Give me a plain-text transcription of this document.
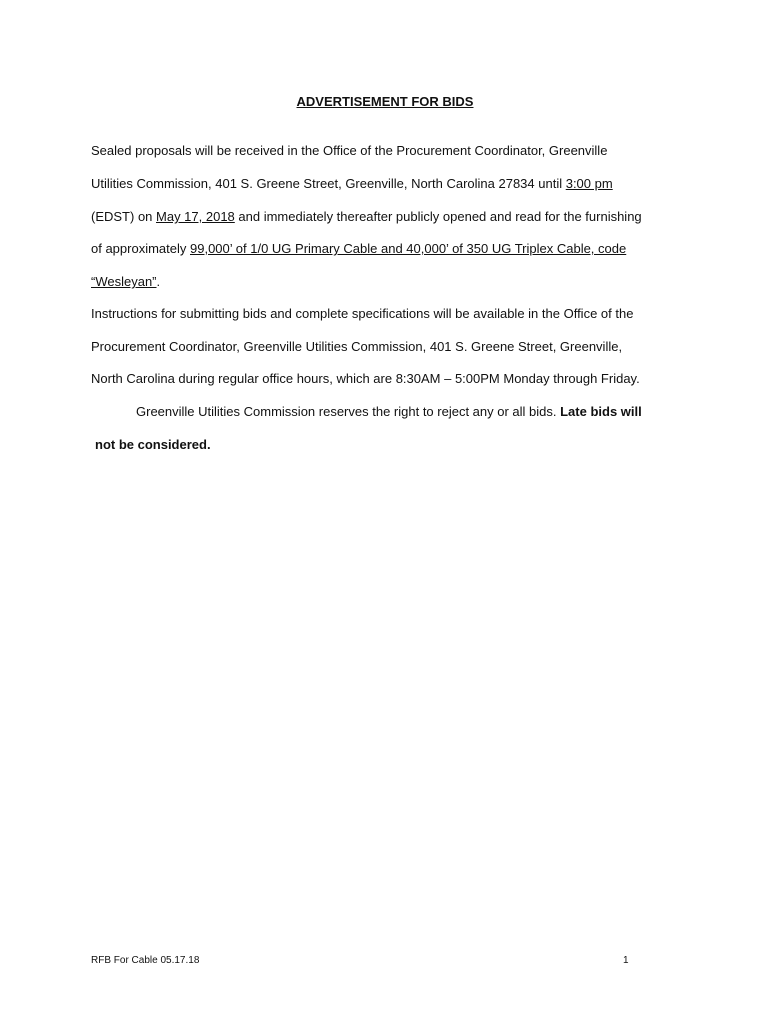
ADVERTISEMENT FOR BIDS
Sealed proposals will be received in the Office of the Procurement Coordinator, Greenville
Utilities Commission, 401 S. Greene Street, Greenville, North Carolina 27834 until 3:00 pm
(EDST) on May 17, 2018 and immediately thereafter publicly opened and read for the furnishing
of approximately 99,000’ of 1/0 UG Primary Cable and 40,000’ of 350 UG Triplex Cable, code
“Wesleyan”.
Instructions for submitting bids and complete specifications will be available in the Office of the
Procurement Coordinator, Greenville Utilities Commission, 401 S. Greene Street, Greenville,
North Carolina during regular office hours, which are 8:30AM – 5:00PM Monday through Friday.
Greenville Utilities Commission reserves the right to reject any or all bids. Late bids will
not be considered.
RFB For Cable 05.17.18	1
